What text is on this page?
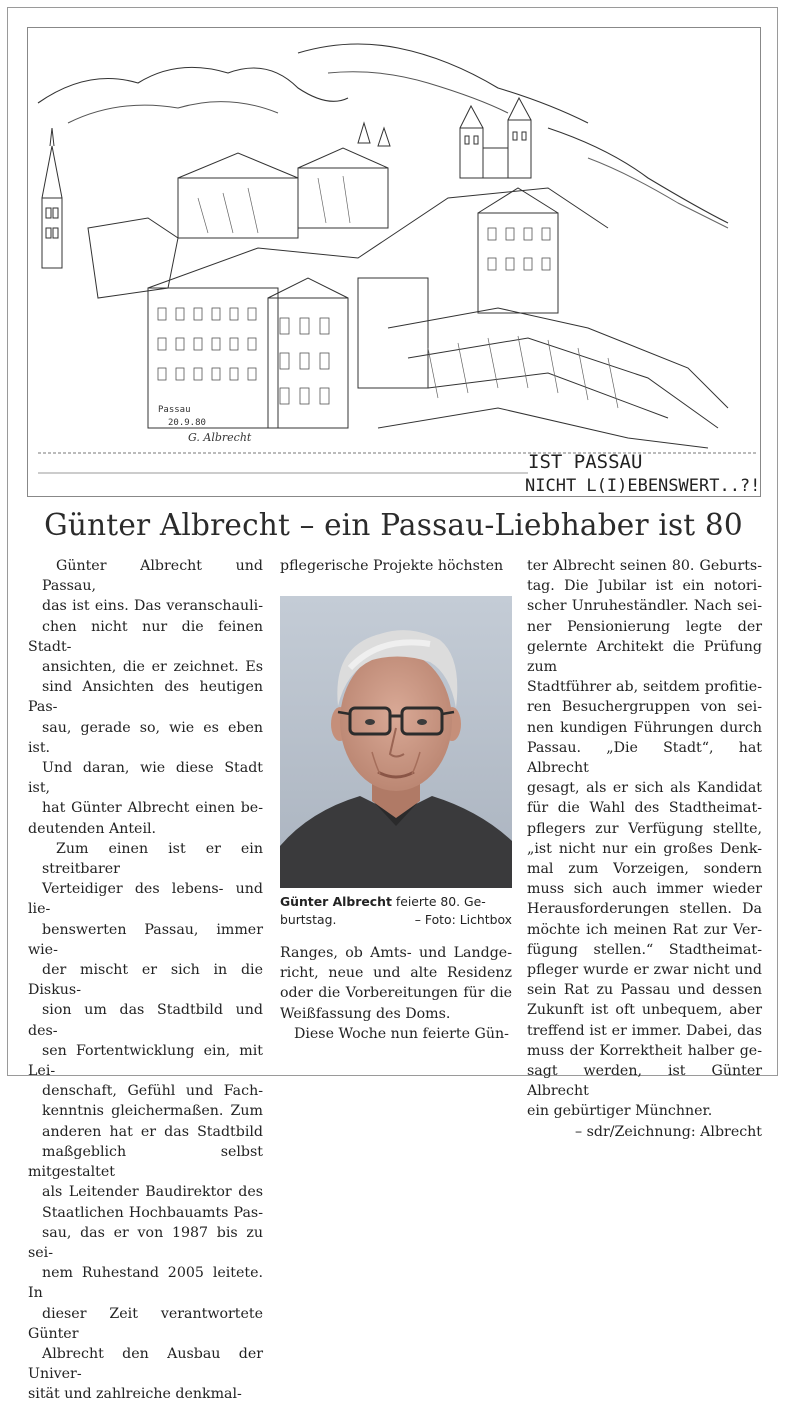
Passau
20.9.80
G. Albrecht
IST PASSAU
NICHT L(I)EBENSWERT..?!
Günter Albrecht – ein Passau-Liebhaber ist 80

Günter Albrecht und Passau,
das ist eins. Das veranschauli-
chen nicht nur die feinen Stadt-
ansichten, die er zeichnet. Es
sind Ansichten des heutigen Pas-
sau, gerade so, wie es eben ist.
Und daran, wie diese Stadt ist,
hat Günter Albrecht einen be-
deutenden Anteil.

Zum einen ist er ein streitbarer
Verteidiger des lebens- und lie-
benswerten Passau, immer wie-
der mischt er sich in die Diskus-
sion um das Stadtbild und des-
sen Fortentwicklung ein, mit Lei-
denschaft, Gefühl und Fach-
kenntnis gleichermaßen. Zum
anderen hat er das Stadtbild
maßgeblich selbst mitgestaltet
als Leitender Baudirektor des
Staatlichen Hochbauamts Pas-
sau, das er von 1987 bis zu sei-
nem Ruhestand 2005 leitete. In
dieser Zeit verantwortete Günter
Albrecht den Ausbau der Univer-
sität und zahlreiche denkmal-

pflegerische Projekte höchsten

Günter Albrecht feierte 80. Ge-
burtstag.	– Foto: Lichtbox

Ranges, ob Amts- und Landge-
richt, neue und alte Residenz
oder die Vorbereitungen für die
Weißfassung des Doms.

Diese Woche nun feierte Gün-

ter Albrecht seinen 80. Geburts-
tag. Die Jubilar ist ein notori-
scher Unruheständler. Nach sei-
ner Pensionierung legte der
gelernte Architekt die Prüfung zum
Stadtführer ab, seitdem profitie-
ren Besuchergruppen von sei-
nen kundigen Führungen durch
Passau. „Die Stadt“, hat Albrecht
gesagt, als er sich als Kandidat
für die Wahl des Stadtheimat-
pflegers zur Verfügung stellte,
„ist nicht nur ein großes Denk-
mal zum Vorzeigen, sondern
muss sich auch immer wieder
Herausforderungen stellen. Da
möchte ich meinen Rat zur Ver-
fügung stellen.“ Stadtheimat-
pfleger wurde er zwar nicht und
sein Rat zu Passau und dessen
Zukunft ist oft unbequem, aber
treffend ist er immer. Dabei, das
muss der Korrektheit halber ge-
sagt werden, ist Günter Albrecht
ein gebürtiger Münchner.

– sdr/Zeichnung: Albrecht
